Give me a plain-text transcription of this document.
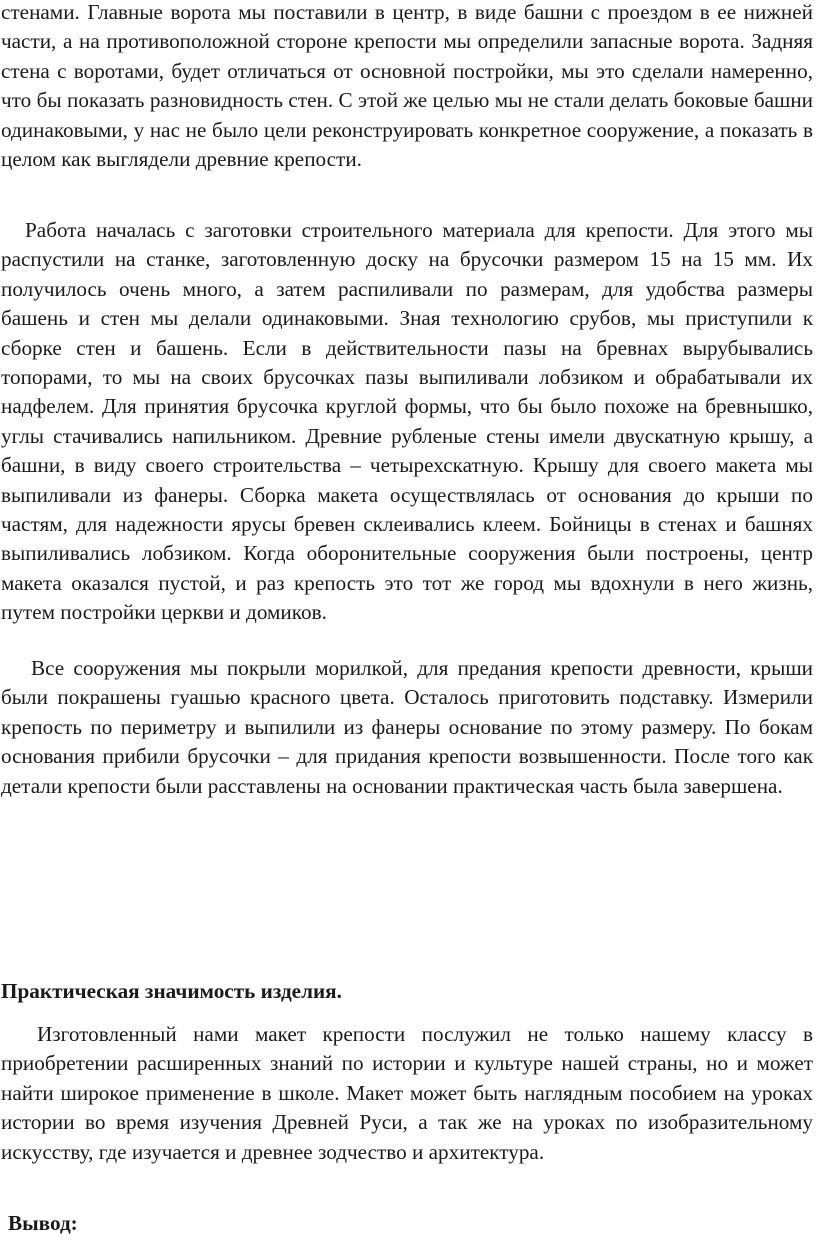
стенами. Главные ворота мы поставили в центр, в виде башни с проездом в ее нижней части, а на противоположной стороне крепости мы определили запасные ворота. Задняя стена с воротами, будет отличаться от основной постройки, мы это сделали намеренно, что бы показать разновидность стен. С этой же целью мы не стали делать боковые башни одинаковыми, у нас не было цели реконструировать конкретное сооружение, а показать в целом как выглядели древние крепости.

Работа началась с заготовки строительного материала для крепости. Для этого мы распустили на станке, заготовленную доску на брусочки размером 15 на 15 мм. Их получилось очень много, а затем распиливали по размерам, для удобства размеры башень и стен мы делали одинаковыми. Зная технологию срубов, мы приступили к сборке стен и башень. Если в действительности пазы на бревнах вырубывались топорами, то мы на своих брусочках пазы выпиливали лобзиком и обрабатывали их надфелем. Для принятия брусочка круглой формы, что бы было похоже на бревнышко, углы стачивались напильником. Древние рубленые стены имели двускатную крышу, а башни, в виду своего строительства – четырехскатную. Крышу для своего макета мы выпиливали из фанеры. Сборка макета осуществлялась от основания до крыши по частям, для надежности ярусы бревен склеивались клеем. Бойницы в стенах и башнях выпиливались лобзиком. Когда оборонительные сооружения были построены, центр макета оказался пустой, и раз крепость это тот же город мы вдохнули в него жизнь, путем постройки церкви и домиков.

Все сооружения мы покрыли морилкой, для предания крепости древности, крыши были покрашены гуашью красного цвета. Осталось приготовить подставку. Измерили крепость по периметру и выпилили из фанеры основание по этому размеру. По бокам основания прибили брусочки – для придания крепости возвышенности. После того как детали крепости были расставлены на основании практическая часть была завершена.

Практическая значимость изделия.

Изготовленный нами макет крепости послужил не только нашему классу в приобретении расширенных знаний по истории и культуре нашей страны, но и может найти широкое применение в школе. Макет может быть наглядным пособием на уроках истории во время изучения Древней Руси, а так же на уроках по изобразительному искусству, где изучается и древнее зодчество и архитектура.

Вывод:
